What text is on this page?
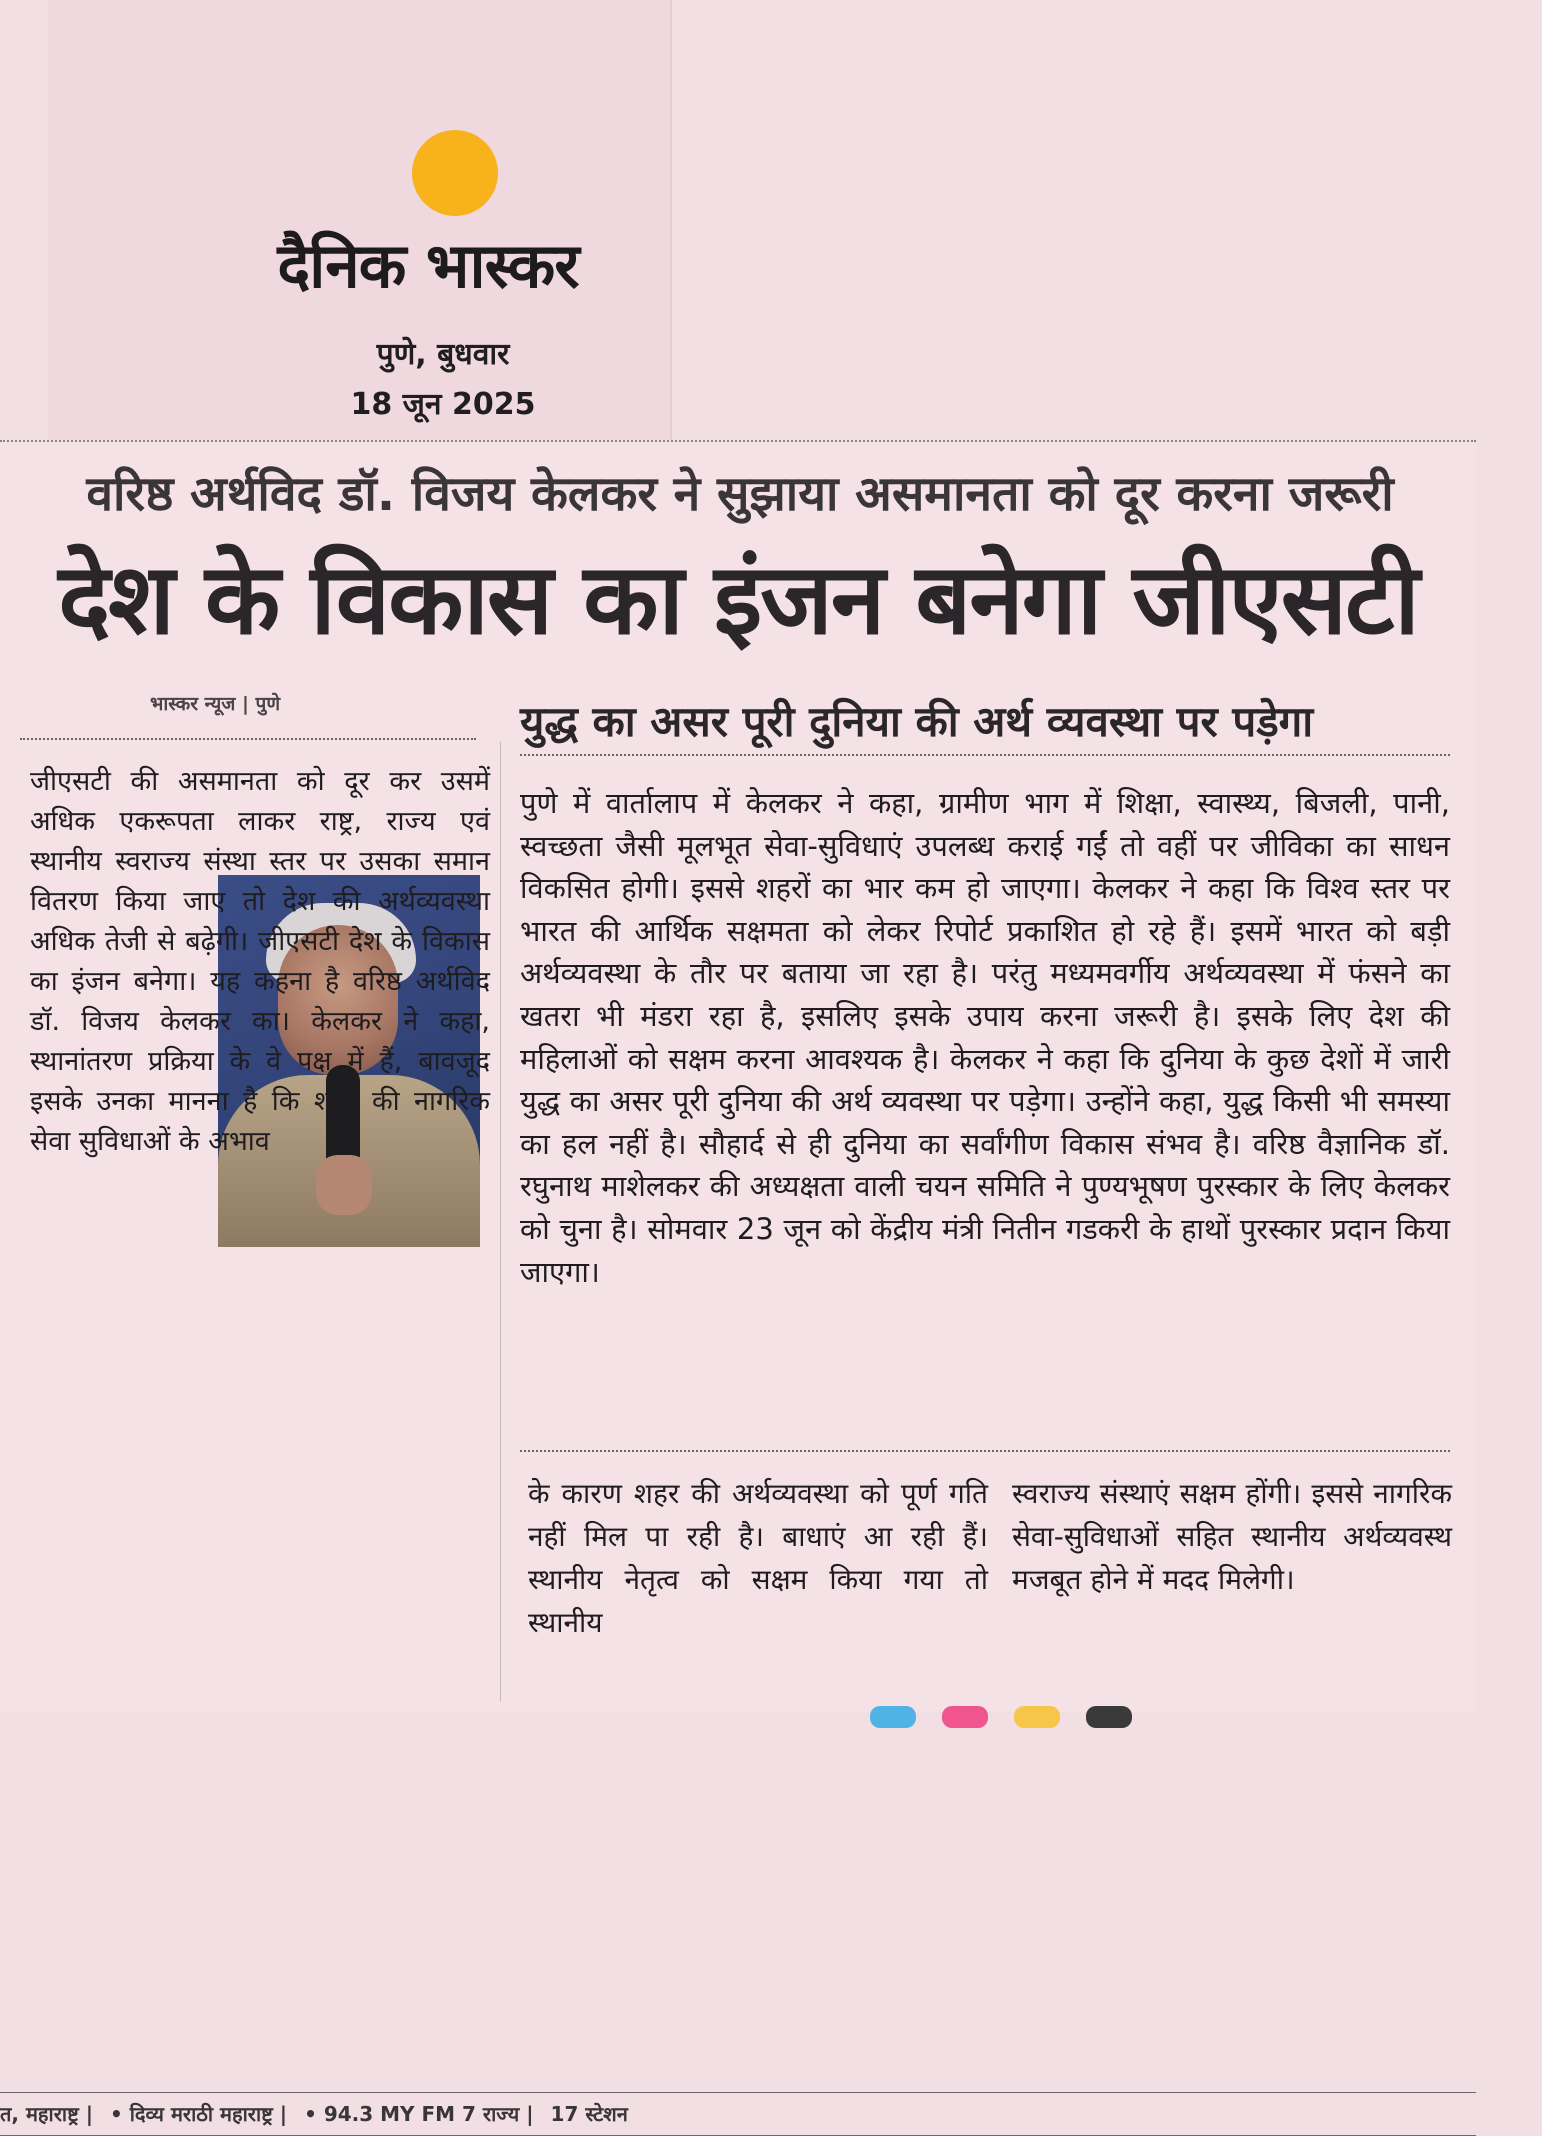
दैनिक भास्कर
पुणे, बुधवार
18 जून 2025
वरिष्ठ अर्थविद डॉ. विजय केलकर ने सुझाया असमानता को दूर करना जरूरी
देश के विकास का इंजन बनेगा जीएसटी
भास्कर न्यूज | पुणे	युद्ध का असर पूरी दुनिया की अर्थ व्यवस्था पर पड़ेगा
जीएसटी की असमानता को दूर कर उसमें अधिक एकरूपता लाकर राष्ट्र, राज्य एवं स्थानीय स्वराज्य संस्था स्तर पर उसका समान वितरण किया जाए तो देश की अर्थव्यवस्था अधिक तेजी से बढ़ेगी। जीएसटी देश के विकास का इंजन बनेगा। यह कहना है वरिष्ठ अर्थविद डॉ. विजय केलकर का। केलकर ने कहा, स्थानांतरण प्रक्रिया के वे पक्ष में हैं, बावजूद इसके उनका मानना है कि शहर की नागरिक सेवा सुविधाओं के अभाव
पुणे में वार्तालाप में केलकर ने कहा, ग्रामीण भाग में शिक्षा, स्वास्थ्य, बिजली, पानी, स्वच्छता जैसी मूलभूत सेवा-सुविधाएं उपलब्ध कराई गईं तो वहीं पर जीविका का साधन विकसित होगी। इससे शहरों का भार कम हो जाएगा। केलकर ने कहा कि विश्व स्तर पर भारत की आर्थिक सक्षमता को लेकर रिपोर्ट प्रकाशित हो रहे हैं। इसमें भारत को बड़ी अर्थव्यवस्था के तौर पर बताया जा रहा है। परंतु मध्यमवर्गीय अर्थव्यवस्था में फंसने का खतरा भी मंडरा रहा है, इसलिए इसके उपाय करना जरूरी है। इसके लिए देश की महिलाओं को सक्षम करना आवश्यक है। केलकर ने कहा कि दुनिया के कुछ देशों में जारी युद्ध का असर पूरी दुनिया की अर्थ व्यवस्था पर पड़ेगा। उन्होंने कहा, युद्ध किसी भी समस्या का हल नहीं है। सौहार्द से ही दुनिया का सर्वांगीण विकास संभव है। वरिष्ठ वैज्ञानिक डॉ. रघुनाथ माशेलकर की अध्यक्षता वाली चयन समिति ने पुण्यभूषण पुरस्कार के लिए केलकर को चुना है। सोमवार 23 जून को केंद्रीय मंत्री नितीन गडकरी के हाथों पुरस्कार प्रदान किया जाएगा।
के कारण शहर की अर्थव्यवस्था को पूर्ण गति नहीं मिल पा रही है। बाधाएं आ रही हैं। स्थानीय नेतृत्व को सक्षम किया गया तो स्थानीय
स्वराज्य संस्थाएं सक्षम होंगी। इससे नागरिक सेवा-सुविधाओं सहित स्थानीय अर्थव्यवस्थ मजबूत होने में मदद मिलेगी।
त, महाराष्ट्र | • दिव्य मराठी महाराष्ट्र | • 94.3 MY FM 7 राज्य | 17 स्टेशन
